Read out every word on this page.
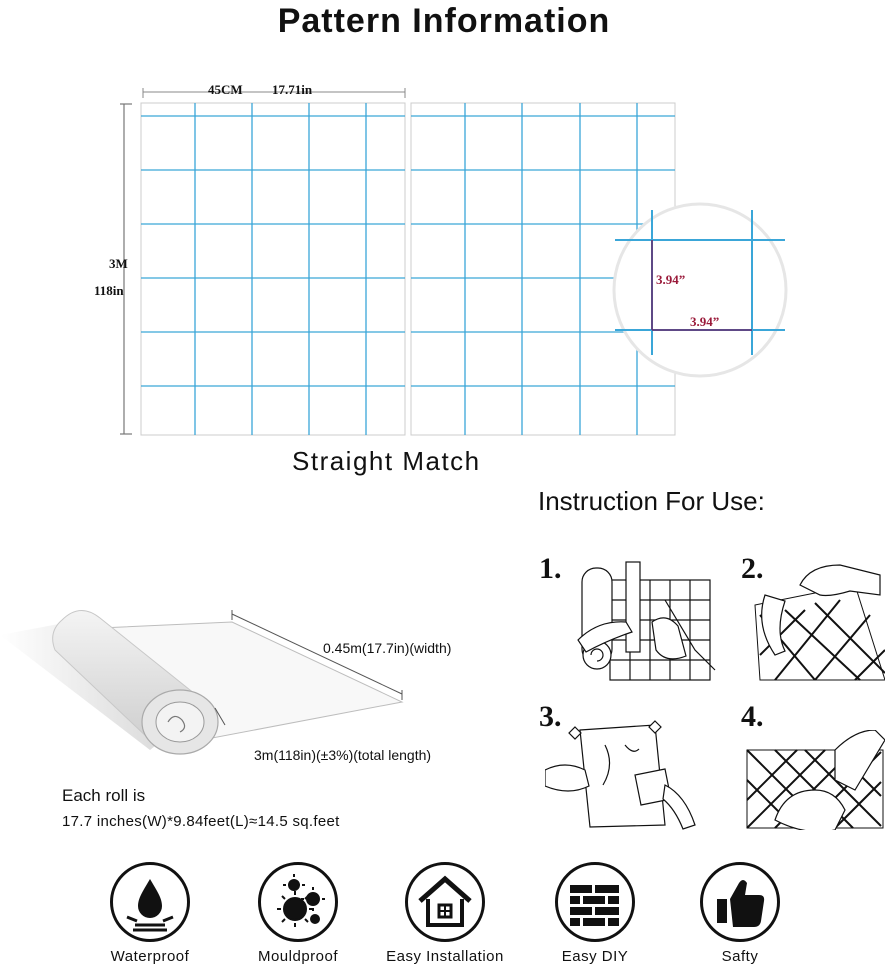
Pattern Information
45CM 17.71in
3M
118in
3.94”
3.94”
Straight Match
0.45m(17.7in)(width)
3m(118in)(±3%)(total length)
Each roll is
17.7 inches(W)*9.84feet(L)≈14.5 sq.feet
Instruction For Use:
1.	2.
3.	4.
Waterproof	Mouldproof	Easy Installation	Easy DIY	Safty
